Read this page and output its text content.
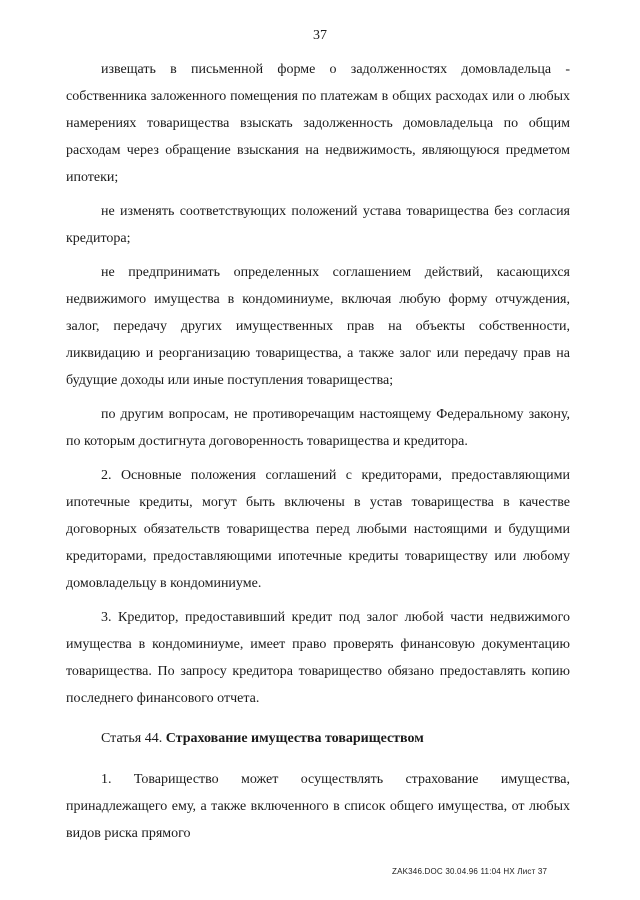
37

извещать в письменной форме о задолженностях домовладельца - собственника заложенного помещения по платежам в общих расходах или о любых намерениях товарищества взыскать задолженность домовладельца по общим расходам через обращение взыскания на недвижимость, являющуюся предметом ипотеки;

не изменять соответствующих положений устава товарищества без согласия кредитора;

не предпринимать определенных соглашением действий, касающихся недвижимого имущества в кондоминиуме, включая любую форму отчуждения, залог, передачу других имущественных прав на объекты собственности, ликвидацию и реорганизацию товарищества, а также залог или передачу прав на будущие доходы или иные поступления товарищества;

по другим вопросам, не противоречащим настоящему Федеральному закону, по которым достигнута договоренность товарищества и кредитора.

2. Основные положения соглашений с кредиторами, предоставляющими ипотечные кредиты, могут быть включены в устав товарищества в качестве договорных обязательств товарищества перед любыми настоящими и будущими кредиторами, предоставляющими ипотечные кредиты товариществу или любому домовладельцу в кондоминиуме.

3. Кредитор, предоставивший кредит под залог любой части недвижимого имущества в кондоминиуме, имеет право проверять финансовую документацию товарищества. По запросу кредитора товарищество обязано предоставлять копию последнего финансового отчета.

Статья 44. Страхование имущества товариществом

1. Товарищество может осуществлять страхование имущества, принадлежащего ему, а также включенного в список общего имущества, от любых видов риска прямого

ZAK346.DOC 30.04.96 11:04 НХ Лист 37
